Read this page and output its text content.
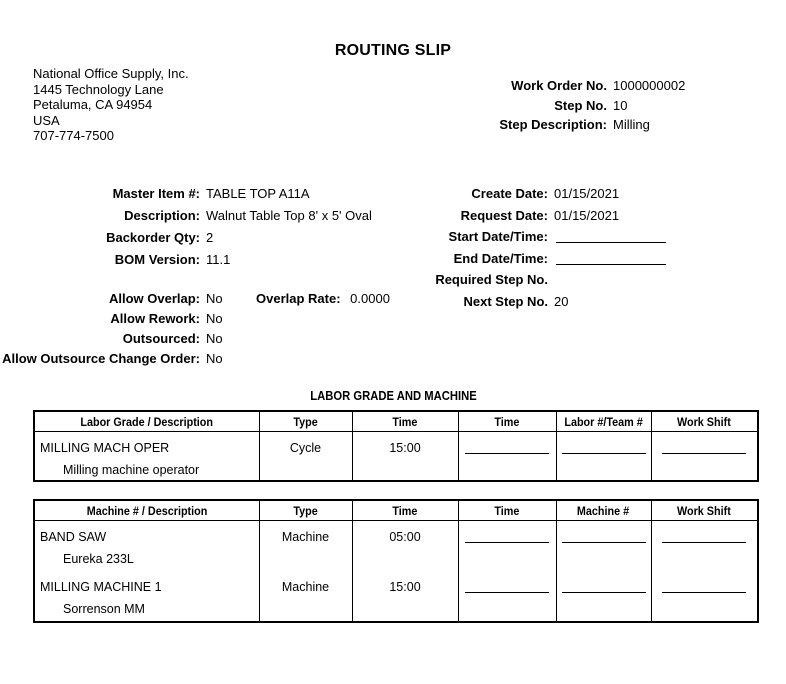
ROUTING SLIP
National Office Supply, Inc.
1445 Technology Lane
Petaluma, CA 94954
USA
707-774-7500
Work Order No. 1000000002
Step No. 10
Step Description: Milling
Master Item #: TABLE TOP A11A
Description: Walnut Table Top 8' x 5' Oval
Backorder Qty: 2
BOM Version: 11.1
Allow Overlap: No	Overlap Rate: 0.0000
Allow Rework: No
Outsourced: No
Allow Outsource Change Order: No
Create Date: 01/15/2021
Request Date: 01/15/2021
Start Date/Time:
End Date/Time:
Required Step No.
Next Step No. 20
LABOR GRADE AND MACHINE
Labor Grade / Description	Type	Time	Time	Labor #/Team #	Work Shift

MILLING MACH OPER
Milling machine operator	Cycle	15:00			

Machine # / Description	Type	Time	Time	Machine #	Work Shift

BAND SAW
Eureka 233L	Machine	05:00			

MILLING MACHINE 1
Sorrenson MM	Machine	15:00			
